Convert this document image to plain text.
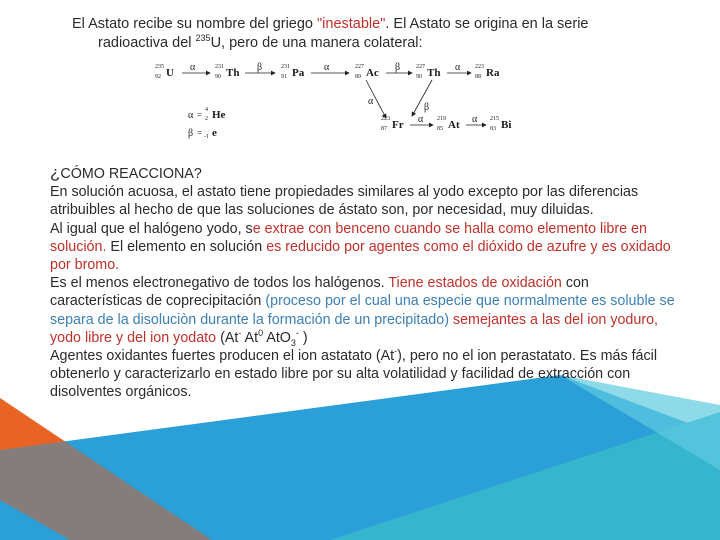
El Astato recibe su nombre del griego "inestable". El Astato se origina en la serie
radioactiva del $^{235}$U, pero de una manera colateral:
235
92 U	231
90 Th	231
91 Pa	227
89 Ac	227
90 Th	223
88 Ra
α	β	α	β	α
α
β
223
87 Fr α 219
85 At α 215
83 Bi
α = 4
2 He
β = -1 e

¿CÓMO REACCIONA?

En solución acuosa, el astato tiene propiedades similares al yodo excepto por las diferencias atribuibles al hecho de que las soluciones de ástato son, por necesidad, muy diluidas.

Al igual que el halógeno yodo, se extrae con benceno cuando se halla como elemento libre en solución. El elemento en solución es reducido por agentes como el dióxido de azufre y es oxidado por bromo.

Es el menos electronegativo de todos los halógenos. Tiene estados de oxidación con características de coprecipitación (proceso por el cual una especie que normalmente es soluble se separa de la disoluciòn durante la formación de un precipitado) semejantes a las del ion yoduro, yodo libre y del ion yodato (At- At$^0$ AtO$_3$- )

Agentes oxidantes fuertes producen el ion astatato (At-), pero no el ion perastatato. Es más fácil obtenerlo y caracterizarlo en estado libre por su alta volatilidad y facilidad de extracción con disolventes orgánicos.
